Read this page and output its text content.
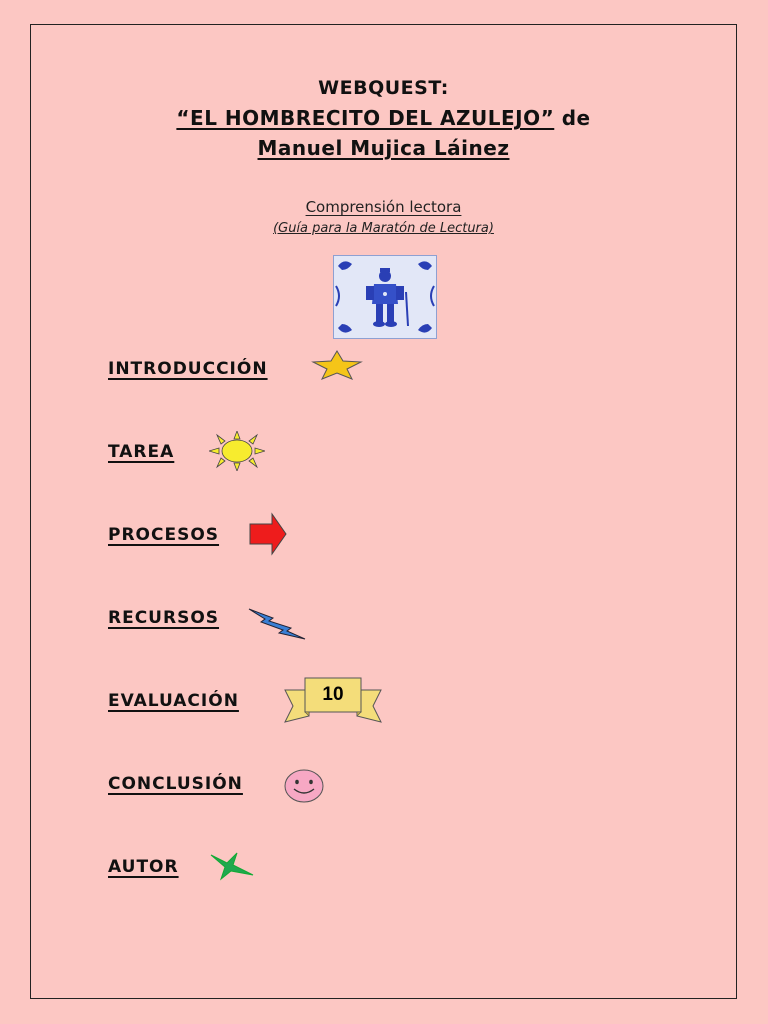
WEBQUEST:

“EL HOMBRECITO DEL AZULEJO” de

Manuel Mujica Láinez

Comprensión lectora
(Guía para la Maratón de Lectura)
INTRODUCCIÓN
TAREA
PROCESOS
RECURSOS
EVALUACIÓN	10
CONCLUSIÓN
AUTOR
